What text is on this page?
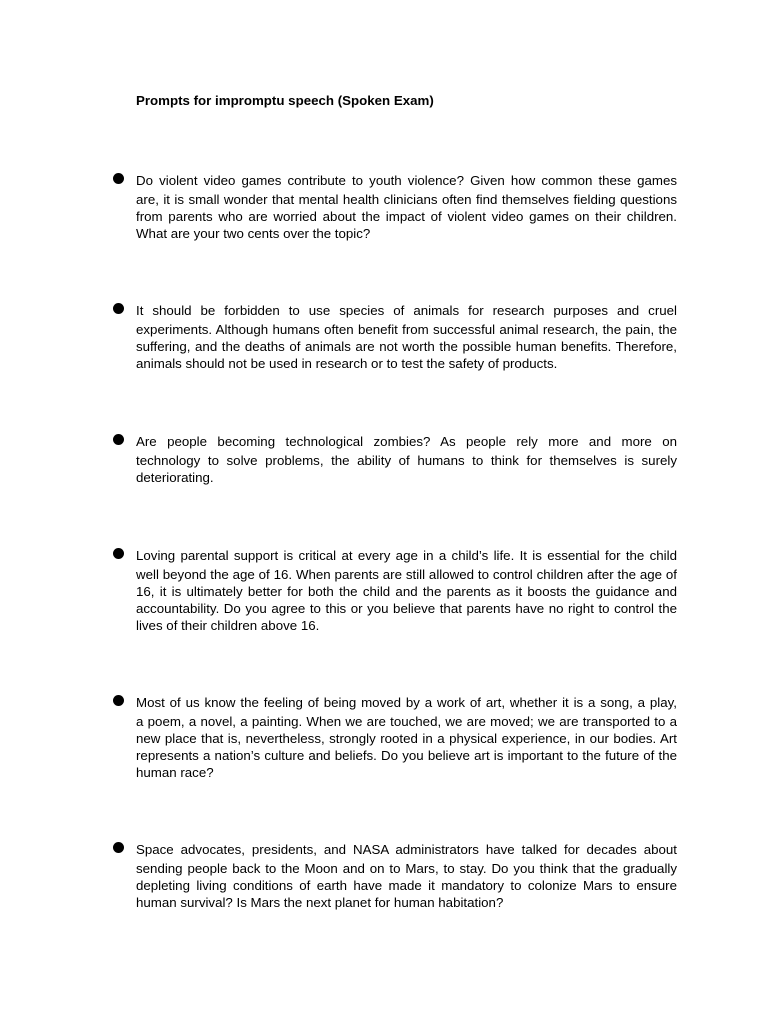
Prompts for impromptu speech (Spoken Exam)

Do violent video games contribute to youth violence? Given how common these games
are, it is small wonder that mental health clinicians often find themselves fielding questions from parents who are worried about the impact of violent video games on their children. What are your two cents over the topic?

It should be forbidden to use species of animals for research purposes and cruel
experiments. Although humans often benefit from successful animal research, the pain, the suffering, and the deaths of animals are not worth the possible human benefits. Therefore, animals should not be used in research or to test the safety of products.

Are people becoming technological zombies? As people rely more and more on
technology to solve problems, the ability of humans to think for themselves is surely deteriorating.

Loving parental support is critical at every age in a child’s life. It is essential for the child
well beyond the age of 16. When parents are still allowed to control children after the age of 16, it is ultimately better for both the child and the parents as it boosts the guidance and accountability. Do you agree to this or you believe that parents have no right to control the lives of their children above 16.

Most of us know the feeling of being moved by a work of art, whether it is a song, a play,
a poem, a novel, a painting. When we are touched, we are moved; we are transported to a new place that is, nevertheless, strongly rooted in a physical experience, in our bodies. Art represents a nation’s culture and beliefs. Do you believe art is important to the future of the human race?

Space advocates, presidents, and NASA administrators have talked for decades about
sending people back to the Moon and on to Mars, to stay. Do you think that the gradually depleting living conditions of earth have made it mandatory to colonize Mars to ensure human survival? Is Mars the next planet for human habitation?
